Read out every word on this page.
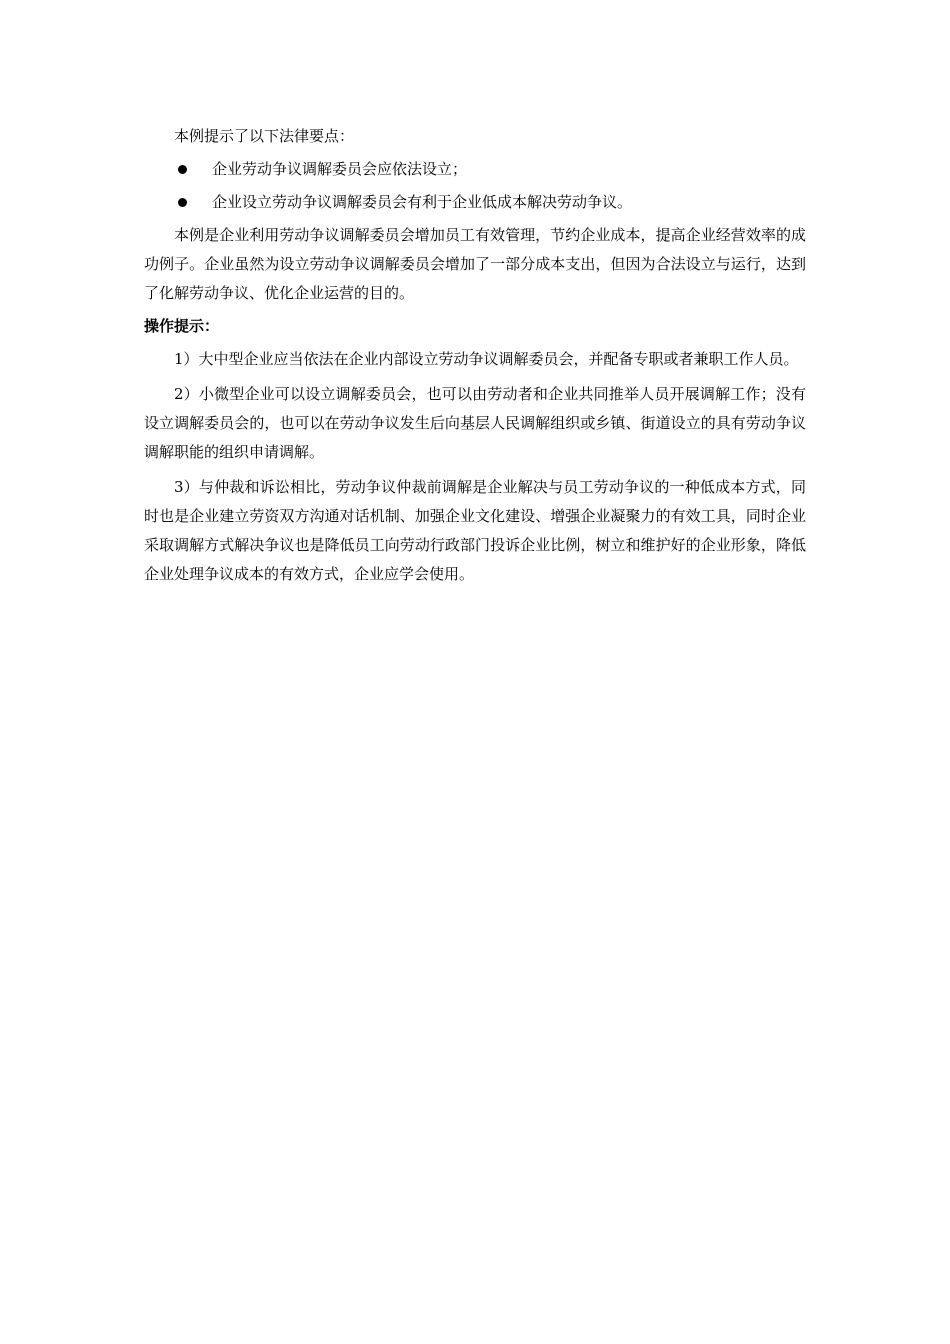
本例提示了以下法律要点：

企业劳动争议调解委员会应依法设立；
企业设立劳动争议调解委员会有利于企业低成本解决劳动争议。

本例是企业利用劳动争议调解委员会增加员工有效管理，节约企业成本，提高企业经营效率的成功例子。企业虽然为设立劳动争议调解委员会增加了一部分成本支出，但因为合法设立与运行，达到了化解劳动争议、优化企业运营的目的。

操作提示：

1）大中型企业应当依法在企业内部设立劳动争议调解委员会，并配备专职或者兼职工作人员。

2）小微型企业可以设立调解委员会，也可以由劳动者和企业共同推举人员开展调解工作；没有设立调解委员会的，也可以在劳动争议发生后向基层人民调解组织或乡镇、街道设立的具有劳动争议调解职能的组织申请调解。

3）与仲裁和诉讼相比，劳动争议仲裁前调解是企业解决与员工劳动争议的一种低成本方式，同时也是企业建立劳资双方沟通对话机制、加强企业文化建设、增强企业凝聚力的有效工具，同时企业采取调解方式解决争议也是降低员工向劳动行政部门投诉企业比例，树立和维护好的企业形象，降低企业处理争议成本的有效方式，企业应学会使用。
